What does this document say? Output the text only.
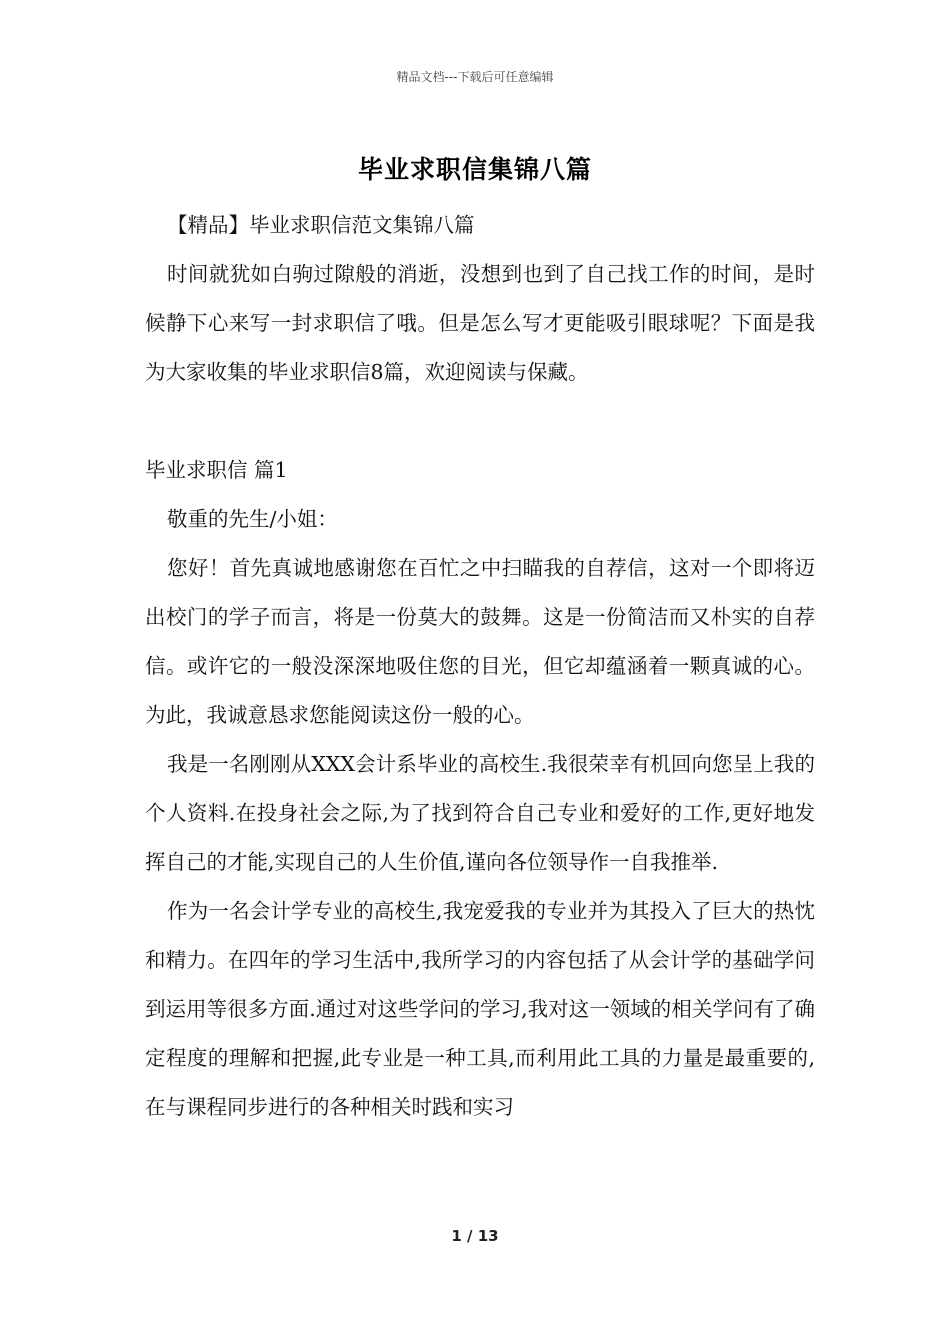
精品文档---下载后可任意编辑
毕业求职信集锦八篇

【精品】毕业求职信范文集锦八篇

时间就犹如白驹过隙般的消逝，没想到也到了自己找工作的时间，是时候静下心来写一封求职信了哦。但是怎么写才更能吸引眼球呢？下面是我为大家收集的毕业求职信8篇，欢迎阅读与保藏。

毕业求职信 篇1

敬重的先生/小姐：

您好！首先真诚地感谢您在百忙之中扫瞄我的自荐信，这对一个即将迈出校门的学子而言，将是一份莫大的鼓舞。这是一份简洁而又朴实的自荐信。或许它的一般没深深地吸住您的目光，但它却蕴涵着一颗真诚的心。为此，我诚意恳求您能阅读这份一般的心。

我是一名刚刚从XXX会计系毕业的高校生.我很荣幸有机回向您呈上我的个人资料.在投身社会之际,为了找到符合自己专业和爱好的工作,更好地发挥自己的才能,实现自己的人生价值,谨向各位领导作一自我推举.

作为一名会计学专业的高校生,我宠爱我的专业并为其投入了巨大的热忱和精力。在四年的学习生活中,我所学习的内容包括了从会计学的基础学问到运用等很多方面.通过对这些学问的学习,我对这一领域的相关学问有了确定程度的理解和把握,此专业是一种工具,而利用此工具的力量是最重要的,在与课程同步进行的各种相关时践和实习

1 / 13
